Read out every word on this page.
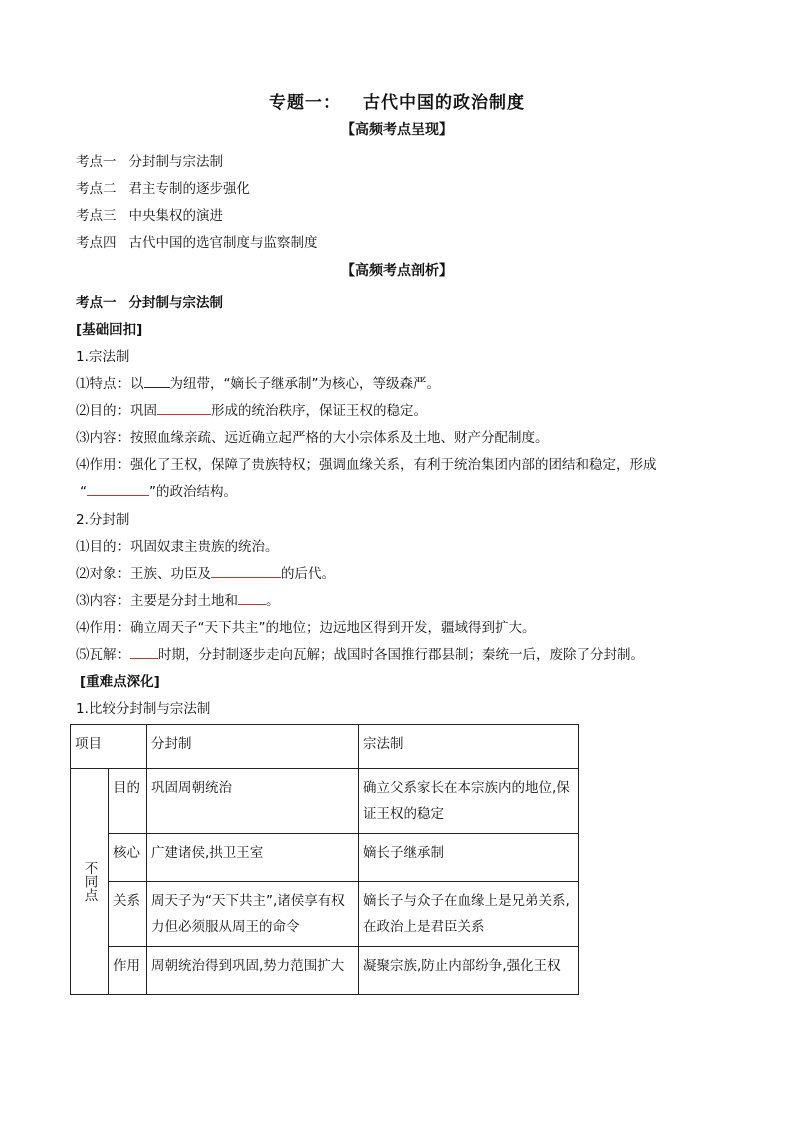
专题一： 古代中国的政治制度
【高频考点呈现】
考点一 分封制与宗法制
考点二 君主专制的逐步强化
考点三 中央集权的演进
考点四 古代中国的选官制度与监察制度
【高频考点剖析】
考点一 分封制与宗法制
[基础回扣]
1.宗法制
⑴特点：以 为纽带，“嫡长子继承制”为核心，等级森严。
⑵目的：巩固	形成的统治秩序，保证王权的稳定。
⑶内容：按照血缘亲疏、远近确立起严格的大小宗体系及土地、财产分配制度。
⑷作用：强化了王权，保障了贵族特权；强调血缘关系，有利于统治集团内部的团结和稳定，形成
“	”的政治结构。
2.分封制
⑴目的：巩固奴隶主贵族的统治。
⑵对象：王族、功臣及	的后代。
⑶内容：主要是分封土地和 。
⑷作用：确立周天子“天下共主”的地位；边远地区得到开发，疆域得到扩大。
⑸瓦解： 时期，分封制逐步走向瓦解；战国时各国推行郡县制；秦统一后，废除了分封制。
[重难点深化]
1.比较分封制与宗法制
项目		分封制	宗法制
不同点	目的	巩固周朝统治	确立父系家长在本宗族内的地位,保证王权的稳定
	核心	广建诸侯,拱卫王室	嫡长子继承制
	关系	周天子为“天下共主”,诸侯享有权力但必须服从周王的命令	嫡长子与众子在血缘上是兄弟关系,在政治上是君臣关系
	作用	周朝统治得到巩固,势力范围扩大	凝聚宗族,防止内部纷争,强化王权
